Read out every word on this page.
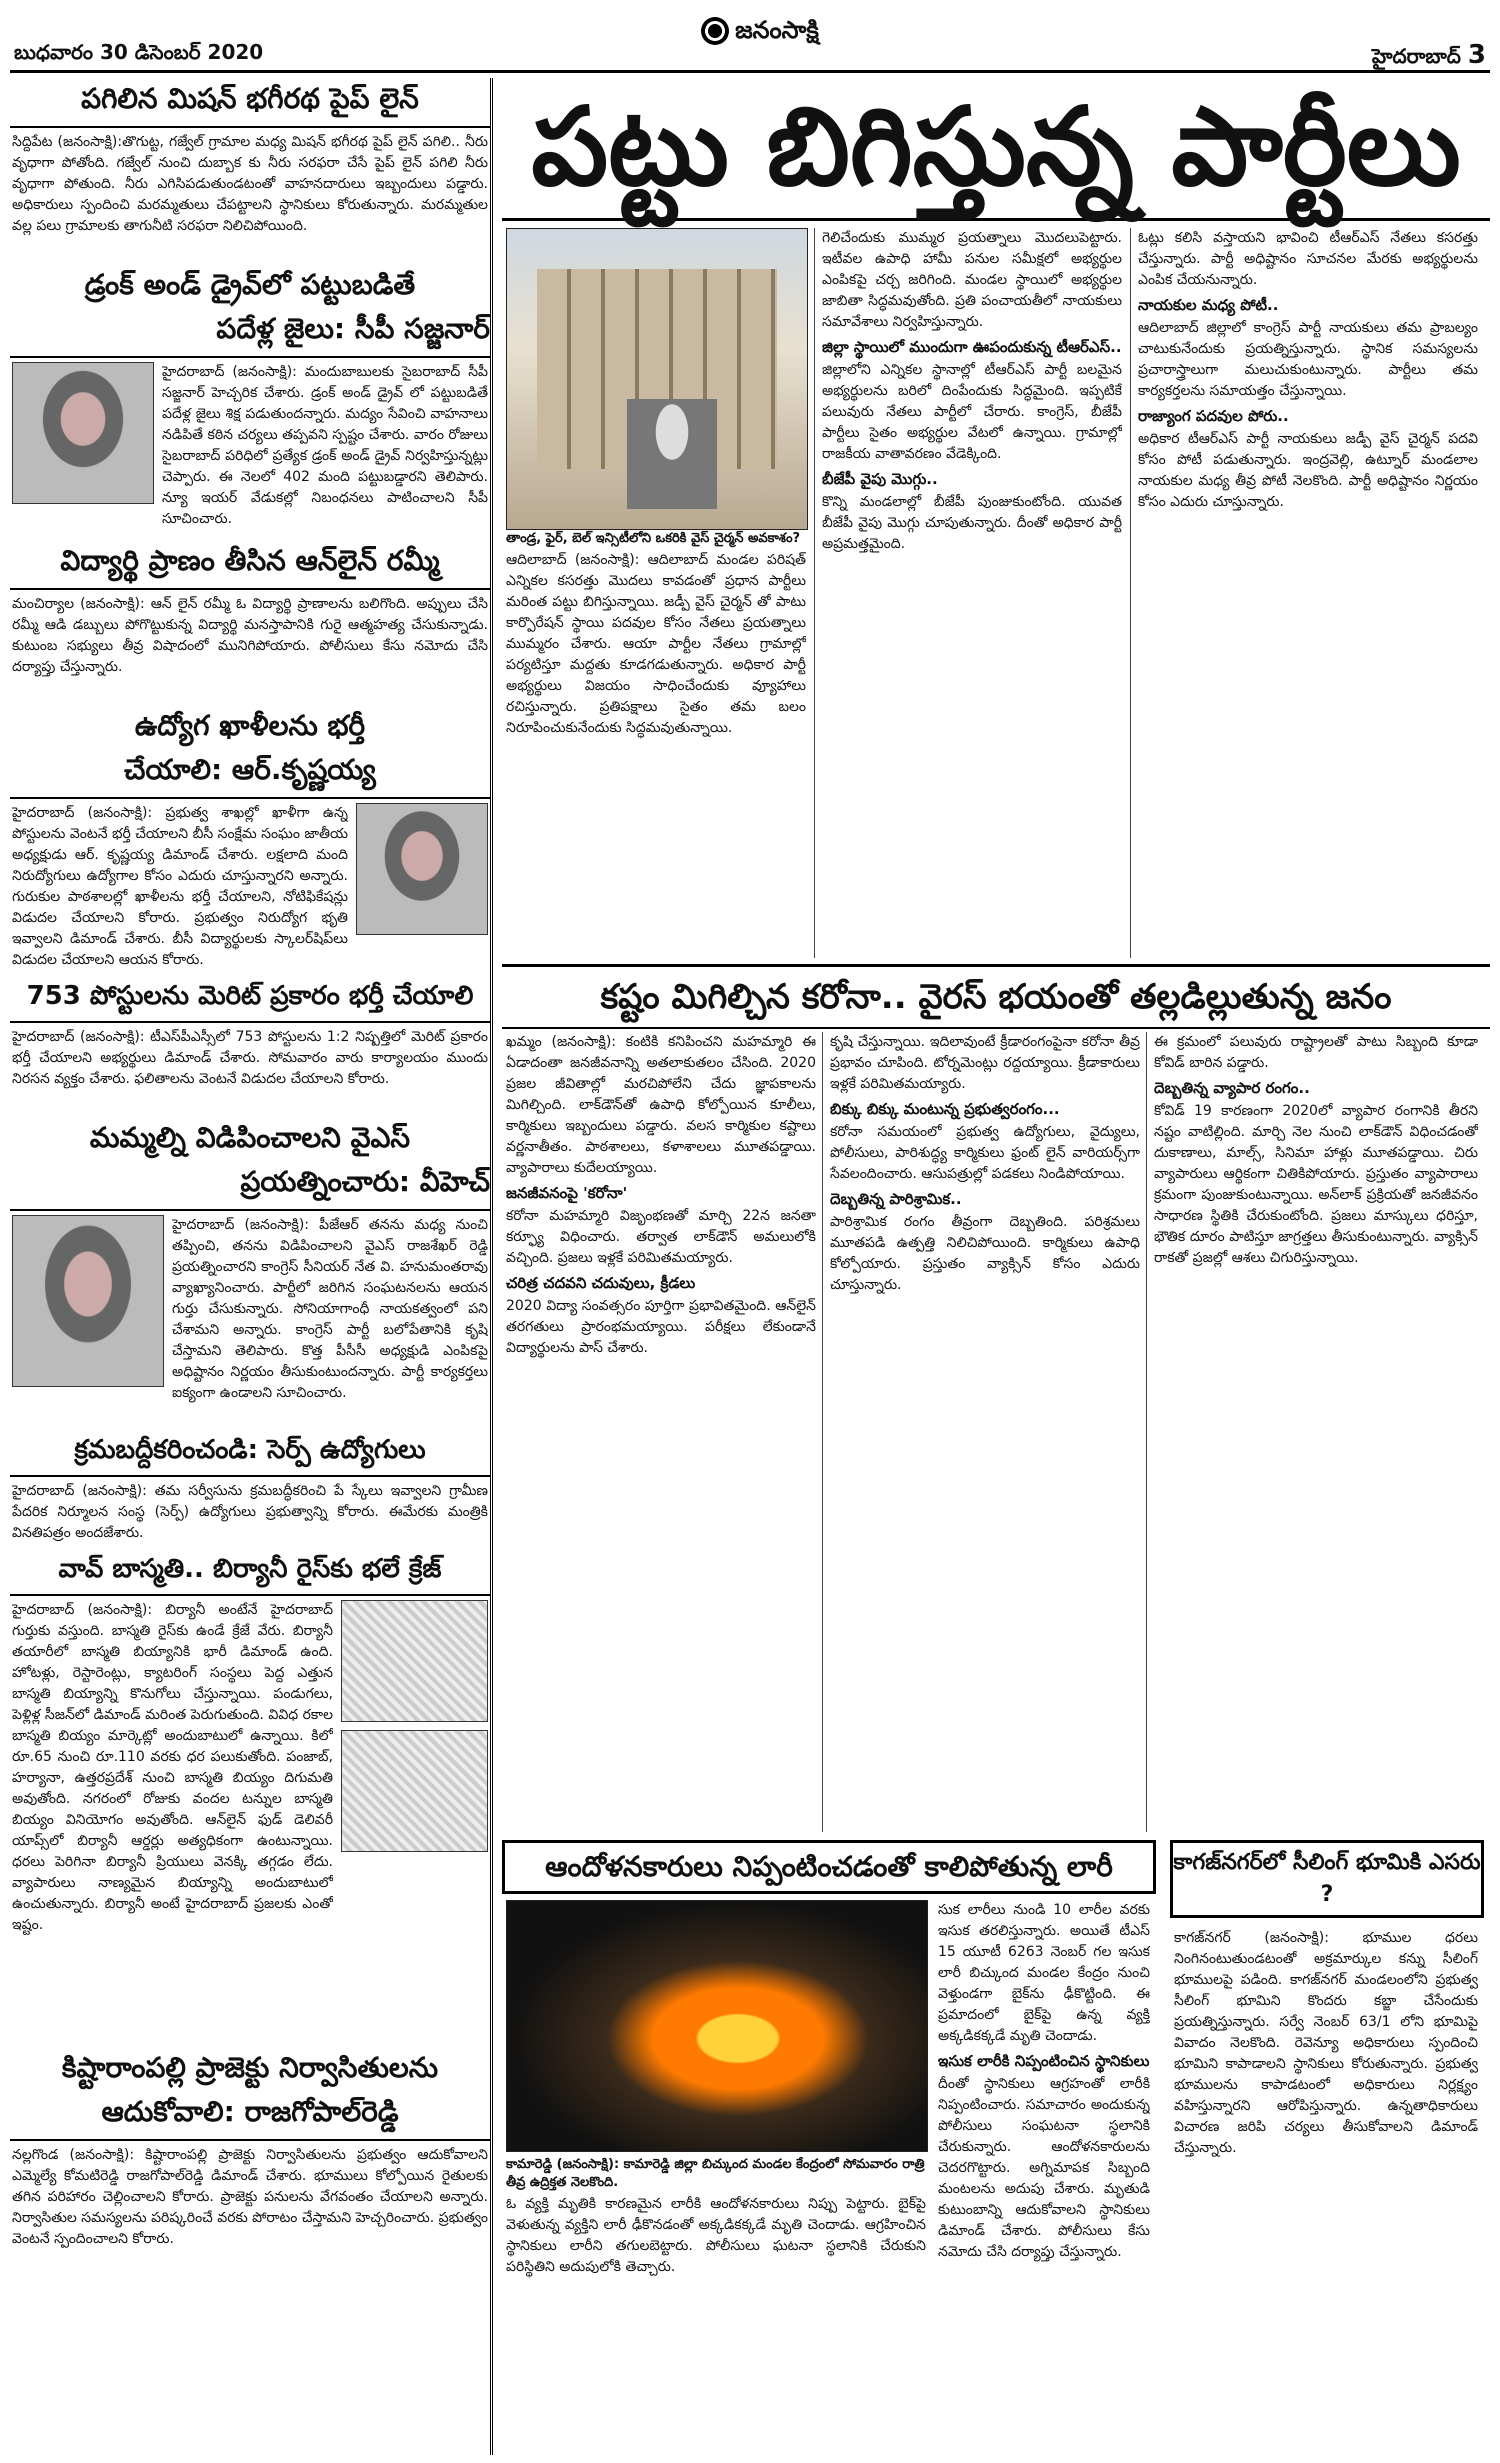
బుధవారం 30 డిసెంబర్ 2020
జనంసాక్షి
హైదరాబాద్ 3
పగిలిన మిషన్ భగీరథ పైప్ లైన్

సిద్దిపేట (జనంసాక్షి):తొగుట్ట, గజ్వేల్ గ్రామాల మధ్య మిషన్ భగీరథ పైప్ లైన్ పగిలి.. నీరు వృధాగా పోతోంది. గజ్వేల్ నుంచి దుబ్బాక కు నీరు సరఫరా చేసే పైప్ లైన్ పగిలి నీరు వృధాగా పోతుంది. నీరు ఎగిసిపడుతుండటంతో వాహనదారులు ఇబ్బందులు పడ్డారు. అధికారులు స్పందించి మరమ్మతులు చేపట్టాలని స్థానికులు కోరుతున్నారు. మరమ్మతుల వల్ల పలు గ్రామాలకు తాగునీటి సరఫరా నిలిచిపోయింది.

డ్రంక్ అండ్ డ్రైవ్‌లో పట్టుబడితే
పదేళ్ల జైలు: సీపీ సజ్జనార్

హైదరాబాద్ (జనంసాక్షి): మందుబాబులకు సైబరాబాద్ సీపీ సజ్జనార్ హెచ్చరిక చేశారు. డ్రంక్ అండ్ డ్రైవ్ లో పట్టుబడితే పదేళ్ల జైలు శిక్ష పడుతుందన్నారు. మద్యం సేవించి వాహనాలు నడిపితే కఠిన చర్యలు తప్పవని స్పష్టం చేశారు. వారం రోజులు సైబరాబాద్ పరిధిలో ప్రత్యేక డ్రంక్ అండ్ డ్రైవ్ నిర్వహిస్తున్నట్లు చెప్పారు. ఈ నెలలో 402 మంది పట్టుబడ్డారని తెలిపారు. న్యూ ఇయర్ వేడుకల్లో నిబంధనలు పాటించాలని సీపీ సూచించారు.

విద్యార్థి ప్రాణం తీసిన ఆన్‌లైన్ రమ్మీ

మంచిర్యాల (జనంసాక్షి): ఆన్ లైన్ రమ్మీ ఓ విద్యార్థి ప్రాణాలను బలిగొంది. అప్పులు చేసి రమ్మీ ఆడి డబ్బులు పోగొట్టుకున్న విద్యార్థి మనస్తాపానికి గురై ఆత్మహత్య చేసుకున్నాడు. కుటుంబ సభ్యులు తీవ్ర విషాదంలో మునిగిపోయారు. పోలీసులు కేసు నమోదు చేసి దర్యాప్తు చేస్తున్నారు.

ఉద్యోగ ఖాళీలను భర్తీ
చేయాలి: ఆర్.కృష్ణయ్య

హైదరాబాద్ (జనంసాక్షి): ప్రభుత్వ శాఖల్లో ఖాళీగా ఉన్న పోస్టులను వెంటనే భర్తీ చేయాలని బీసీ సంక్షేమ సంఘం జాతీయ అధ్యక్షుడు ఆర్. కృష్ణయ్య డిమాండ్ చేశారు. లక్షలాది మంది నిరుద్యోగులు ఉద్యోగాల కోసం ఎదురు చూస్తున్నారని అన్నారు. గురుకుల పాఠశాలల్లో ఖాళీలను భర్తీ చేయాలని, నోటిఫికేషన్లు విడుదల చేయాలని కోరారు. ప్రభుత్వం నిరుద్యోగ భృతి ఇవ్వాలని డిమాండ్ చేశారు. బీసీ విద్యార్థులకు స్కాలర్‌షిప్‌లు విడుదల చేయాలని ఆయన కోరారు.

753 పోస్టులను మెరిట్ ప్రకారం భర్తీ చేయాలి

హైదరాబాద్ (జనంసాక్షి): టీఎస్‌పీఎస్సీలో 753 పోస్టులను 1:2 నిష్పత్తిలో మెరిట్ ప్రకారం భర్తీ చేయాలని అభ్యర్థులు డిమాండ్ చేశారు. సోమవారం వారు కార్యాలయం ముందు నిరసన వ్యక్తం చేశారు. ఫలితాలను వెంటనే విడుదల చేయాలని కోరారు.

మమ్మల్ని విడిపించాలని వైఎస్
ప్రయత్నించారు: వీహెచ్

హైదరాబాద్ (జనంసాక్షి): పీజేఆర్ తనను మధ్య నుంచి తప్పించి, తనను విడిపించాలని వైఎస్ రాజశేఖర్ రెడ్డి ప్రయత్నించారని కాంగ్రెస్ సీనియర్ నేత వి. హనుమంతరావు వ్యాఖ్యానించారు. పార్టీలో జరిగిన సంఘటనలను ఆయన గుర్తు చేసుకున్నారు. సోనియాగాంధీ నాయకత్వంలో పని చేశామని అన్నారు. కాంగ్రెస్ పార్టీ బలోపేతానికి కృషి చేస్తామని తెలిపారు. కొత్త పీసీసీ అధ్యక్షుడి ఎంపికపై అధిష్టానం నిర్ణయం తీసుకుంటుందన్నారు. పార్టీ కార్యకర్తలు ఐక్యంగా ఉండాలని సూచించారు.

క్రమబద్దీకరించండి: సెర్ప్ ఉద్యోగులు

హైదరాబాద్ (జనంసాక్షి): తమ సర్వీసును క్రమబద్ధీకరించి పే స్కేలు ఇవ్వాలని గ్రామీణ పేదరిక నిర్మూలన సంస్థ (సెర్ప్) ఉద్యోగులు ప్రభుత్వాన్ని కోరారు. ఈమేరకు మంత్రికి వినతిపత్రం అందజేశారు.

వావ్ బాస్మతి.. బిర్యానీ రైస్‌కు భలే క్రేజ్

హైదరాబాద్ (జనంసాక్షి): బిర్యానీ అంటేనే హైదరాబాద్ గుర్తుకు వస్తుంది. బాస్మతి రైస్‌కు ఉండే క్రేజే వేరు. బిర్యానీ తయారీలో బాస్మతి బియ్యానికి భారీ డిమాండ్ ఉంది. హోటళ్లు, రెస్టారెంట్లు, క్యాటరింగ్ సంస్థలు పెద్ద ఎత్తున బాస్మతి బియ్యాన్ని కొనుగోలు చేస్తున్నాయి. పండుగలు, పెళ్లిళ్ల సీజన్‌లో డిమాండ్ మరింత పెరుగుతుంది. వివిధ రకాల బాస్మతి బియ్యం మార్కెట్లో అందుబాటులో ఉన్నాయి. కిలో రూ.65 నుంచి రూ.110 వరకు ధర పలుకుతోంది. పంజాబ్, హర్యానా, ఉత్తరప్రదేశ్ నుంచి బాస్మతి బియ్యం దిగుమతి అవుతోంది. నగరంలో రోజుకు వందల టన్నుల బాస్మతి బియ్యం వినియోగం అవుతోంది. ఆన్‌లైన్ ఫుడ్ డెలివరీ యాప్స్‌లో బిర్యానీ ఆర్డర్లు అత్యధికంగా ఉంటున్నాయి. ధరలు పెరిగినా బిర్యానీ ప్రియులు వెనక్కి తగ్గడం లేదు. వ్యాపారులు నాణ్యమైన బియ్యాన్ని అందుబాటులో ఉంచుతున్నారు. బిర్యానీ అంటే హైదరాబాద్ ప్రజలకు ఎంతో ఇష్టం.

కిష్టారాంపల్లి ప్రాజెక్టు నిర్వాసితులను
ఆదుకోవాలి: రాజగోపాల్‌రెడ్డి

నల్లగొండ (జనంసాక్షి): కిష్టారాంపల్లి ప్రాజెక్టు నిర్వాసితులను ప్రభుత్వం ఆదుకోవాలని ఎమ్మెల్యే కోమటిరెడ్డి రాజగోపాల్‌రెడ్డి డిమాండ్ చేశారు. భూములు కోల్పోయిన రైతులకు తగిన పరిహారం చెల్లించాలని కోరారు. ప్రాజెక్టు పనులను వేగవంతం చేయాలని అన్నారు. నిర్వాసితుల సమస్యలను పరిష్కరించే వరకు పోరాటం చేస్తామని హెచ్చరించారు. ప్రభుత్వం వెంటనే స్పందించాలని కోరారు.

పట్టు బిగిస్తున్న పార్టీలు
తాండ్ర, ఫైర్, బెల్ ఇన్సిటీలోని ఒకరికి వైస్ చైర్మన్ అవకాశం?
ఆదిలాబాద్ (జనంసాక్షి): ఆదిలాబాద్ మండల పరిషత్ ఎన్నికల కసరత్తు మొదలు కావడంతో ప్రధాన పార్టీలు మరింత పట్టు బిగిస్తున్నాయి. జడ్పీ వైస్ చైర్మన్ తో పాటు కార్పొరేషన్ స్థాయి పదవుల కోసం నేతలు ప్రయత్నాలు ముమ్మరం చేశారు. ఆయా పార్టీల నేతలు గ్రామాల్లో పర్యటిస్తూ మద్దతు కూడగడుతున్నారు. అధికార పార్టీ అభ్యర్థులు విజయం సాధించేందుకు వ్యూహాలు రచిస్తున్నారు. ప్రతిపక్షాలు సైతం తమ బలం నిరూపించుకునేందుకు సిద్ధమవుతున్నాయి.
గెలిచేందుకు ముమ్మర ప్రయత్నాలు మొదలుపెట్టారు. ఇటీవల ఉపాధి హామీ పనుల సమీక్షలో అభ్యర్థుల ఎంపికపై చర్చ జరిగింది. మండల స్థాయిలో అభ్యర్థుల జాబితా సిద్ధమవుతోంది. ప్రతి పంచాయతీలో నాయకులు సమావేశాలు నిర్వహిస్తున్నారు.
జిల్లా స్థాయిలో ముందుగా ఊపందుకున్న టీఆర్‌ఎస్..
జిల్లాలోని ఎన్నికల స్థానాల్లో టీఆర్‌ఎస్ పార్టీ బలమైన అభ్యర్థులను బరిలో దింపేందుకు సిద్ధమైంది. ఇప్పటికే పలువురు నేతలు పార్టీలో చేరారు. కాంగ్రెస్, బీజేపీ పార్టీలు సైతం అభ్యర్థుల వేటలో ఉన్నాయి. గ్రామాల్లో రాజకీయ వాతావరణం వేడెక్కింది.
బీజేపీ వైపు మొగ్గు..
కొన్ని మండలాల్లో బీజేపీ పుంజుకుంటోంది. యువత బీజేపీ వైపు మొగ్గు చూపుతున్నారు. దీంతో అధికార పార్టీ అప్రమత్తమైంది.
ఓట్లు కలిసి వస్తాయని భావించి టీఆర్‌ఎస్ నేతలు కసరత్తు చేస్తున్నారు. పార్టీ అధిష్టానం సూచనల మేరకు అభ్యర్థులను ఎంపిక చేయనున్నారు.
నాయకుల మధ్య పోటీ..
ఆదిలాబాద్ జిల్లాలో కాంగ్రెస్ పార్టీ నాయకులు తమ ప్రాబల్యం చాటుకునేందుకు ప్రయత్నిస్తున్నారు. స్థానిక సమస్యలను ప్రచారాస్త్రాలుగా మలుచుకుంటున్నారు. పార్టీలు తమ కార్యకర్తలను సమాయత్తం చేస్తున్నాయి.
రాజ్యాంగ పదవుల పోరు..
అధికార టీఆర్‌ఎస్ పార్టీ నాయకులు జడ్పీ వైస్ చైర్మన్ పదవి కోసం పోటీ పడుతున్నారు. ఇంద్రవెల్లి, ఉట్నూర్ మండలాల నాయకుల మధ్య తీవ్ర పోటీ నెలకొంది. పార్టీ అధిష్టానం నిర్ణయం కోసం ఎదురు చూస్తున్నారు.
కష్టం మిగిల్చిన కరోనా.. వైరస్ భయంతో తల్లడిల్లుతున్న జనం
ఖమ్మం (జనంసాక్షి): కంటికి కనిపించని మహమ్మారి ఈ ఏడాదంతా జనజీవనాన్ని అతలాకుతలం చేసింది. 2020 ప్రజల జీవితాల్లో మరచిపోలేని చేదు జ్ఞాపకాలను మిగిల్చింది. లాక్‌డౌన్‌తో ఉపాధి కోల్పోయిన కూలీలు, కార్మికులు ఇబ్బందులు పడ్డారు. వలస కార్మికుల కష్టాలు వర్ణనాతీతం. పాఠశాలలు, కళాశాలలు మూతపడ్డాయి. వ్యాపారాలు కుదేలయ్యాయి.
జనజీవనంపై 'కరోనా'
కరోనా మహమ్మారి విజృంభణతో మార్చి 22న జనతా కర్ఫ్యూ విధించారు. తర్వాత లాక్‌డౌన్ అమలులోకి వచ్చింది. ప్రజలు ఇళ్లకే పరిమితమయ్యారు.
చరిత్ర చదవని చదువులు, క్రీడలు
2020 విద్యా సంవత్సరం పూర్తిగా ప్రభావితమైంది. ఆన్‌లైన్ తరగతులు ప్రారంభమయ్యాయి. పరీక్షలు లేకుండానే విద్యార్థులను పాస్ చేశారు.
కృషి చేస్తున్నాయి. ఇదిలావుంటే క్రీడారంగంపైనా కరోనా తీవ్ర ప్రభావం చూపింది. టోర్నమెంట్లు రద్దయ్యాయి. క్రీడాకారులు ఇళ్లకే పరిమితమయ్యారు.
బిక్కు బిక్కు మంటున్న ప్రభుత్వరంగం...
కరోనా సమయంలో ప్రభుత్వ ఉద్యోగులు, వైద్యులు, పోలీసులు, పారిశుద్ధ్య కార్మికులు ఫ్రంట్ లైన్ వారియర్స్‌గా సేవలందించారు. ఆసుపత్రుల్లో పడకలు నిండిపోయాయి.
దెబ్బతిన్న పారిశ్రామిక..
పారిశ్రామిక రంగం తీవ్రంగా దెబ్బతింది. పరిశ్రమలు మూతపడి ఉత్పత్తి నిలిచిపోయింది. కార్మికులు ఉపాధి కోల్పోయారు. ప్రస్తుతం వ్యాక్సిన్ కోసం ఎదురు చూస్తున్నారు.
ఈ క్రమంలో పలువురు రాష్ట్రాలతో పాటు సిబ్బంది కూడా కోవిడ్ బారిన పడ్డారు.
దెబ్బతిన్న వ్యాపార రంగం..
కోవిడ్ 19 కారణంగా 2020లో వ్యాపార రంగానికి తీరని నష్టం వాటిల్లింది. మార్చి నెల నుంచి లాక్‌డౌన్ విధించడంతో దుకాణాలు, మాల్స్, సినిమా హాళ్లు మూతపడ్డాయి. చిరు వ్యాపారులు ఆర్థికంగా చితికిపోయారు. ప్రస్తుతం వ్యాపారాలు క్రమంగా పుంజుకుంటున్నాయి. అన్‌లాక్ ప్రక్రియతో జనజీవనం సాధారణ స్థితికి చేరుకుంటోంది. ప్రజలు మాస్కులు ధరిస్తూ, భౌతిక దూరం పాటిస్తూ జాగ్రత్తలు తీసుకుంటున్నారు. వ్యాక్సిన్ రాకతో ప్రజల్లో ఆశలు చిగురిస్తున్నాయి.
ఆందోళనకారులు నిప్పంటించడంతో కాలిపోతున్న లారీ
కామారెడ్డి (జనంసాక్షి): కామారెడ్డి జిల్లా బిచ్కుంద మండల కేంద్రంలో సోమవారం రాత్రి తీవ్ర ఉద్రిక్తత నెలకొంది.
ఓ వ్యక్తి మృతికి కారణమైన లారీకి ఆందోళనకారులు నిప్పు పెట్టారు. బైక్‌పై వెళుతున్న వ్యక్తిని లారీ ఢీకొనడంతో అక్కడికక్కడే మృతి చెందాడు. ఆగ్రహించిన స్థానికులు లారీని తగులబెట్టారు. పోలీసులు ఘటనా స్థలానికి చేరుకుని పరిస్థితిని అదుపులోకి తెచ్చారు.
సుక లారీలు నుండి 10 లారీల వరకు ఇసుక తరలిస్తున్నారు. అయితే టీఎస్ 15 యూటీ 6263 నెంబర్ గల ఇసుక లారీ బిచ్కుంద మండల కేంద్రం నుంచి వెళ్తుండగా బైక్‌ను ఢీకొట్టింది. ఈ ప్రమాదంలో బైక్‌పై ఉన్న వ్యక్తి అక్కడికక్కడే మృతి చెందాడు.
ఇసుక లారీకి నిప్పంటించిన స్థానికులు
దీంతో స్థానికులు ఆగ్రహంతో లారీకి నిప్పంటించారు. సమాచారం అందుకున్న పోలీసులు సంఘటనా స్థలానికి చేరుకున్నారు. ఆందోళనకారులను చెదరగొట్టారు. అగ్నిమాపక సిబ్బంది మంటలను అదుపు చేశారు. మృతుడి కుటుంబాన్ని ఆదుకోవాలని స్థానికులు డిమాండ్ చేశారు. పోలీసులు కేసు నమోదు చేసి దర్యాప్తు చేస్తున్నారు.
కాగజ్‌నగర్‌లో సీలింగ్ భూమికి ఎసరు ?
కాగజ్‌నగర్ (జనంసాక్షి): భూముల ధరలు నింగినంటుతుండటంతో అక్రమార్కుల కన్ను సీలింగ్ భూములపై పడింది. కాగజ్‌నగర్ మండలంలోని ప్రభుత్వ సీలింగ్ భూమిని కొందరు కబ్జా చేసేందుకు ప్రయత్నిస్తున్నారు. సర్వే నెంబర్ 63/1 లోని భూమిపై వివాదం నెలకొంది. రెవెన్యూ అధికారులు స్పందించి భూమిని కాపాడాలని స్థానికులు కోరుతున్నారు. ప్రభుత్వ భూములను కాపాడటంలో అధికారులు నిర్లక్ష్యం వహిస్తున్నారని ఆరోపిస్తున్నారు. ఉన్నతాధికారులు విచారణ జరిపి చర్యలు తీసుకోవాలని డిమాండ్ చేస్తున్నారు.
